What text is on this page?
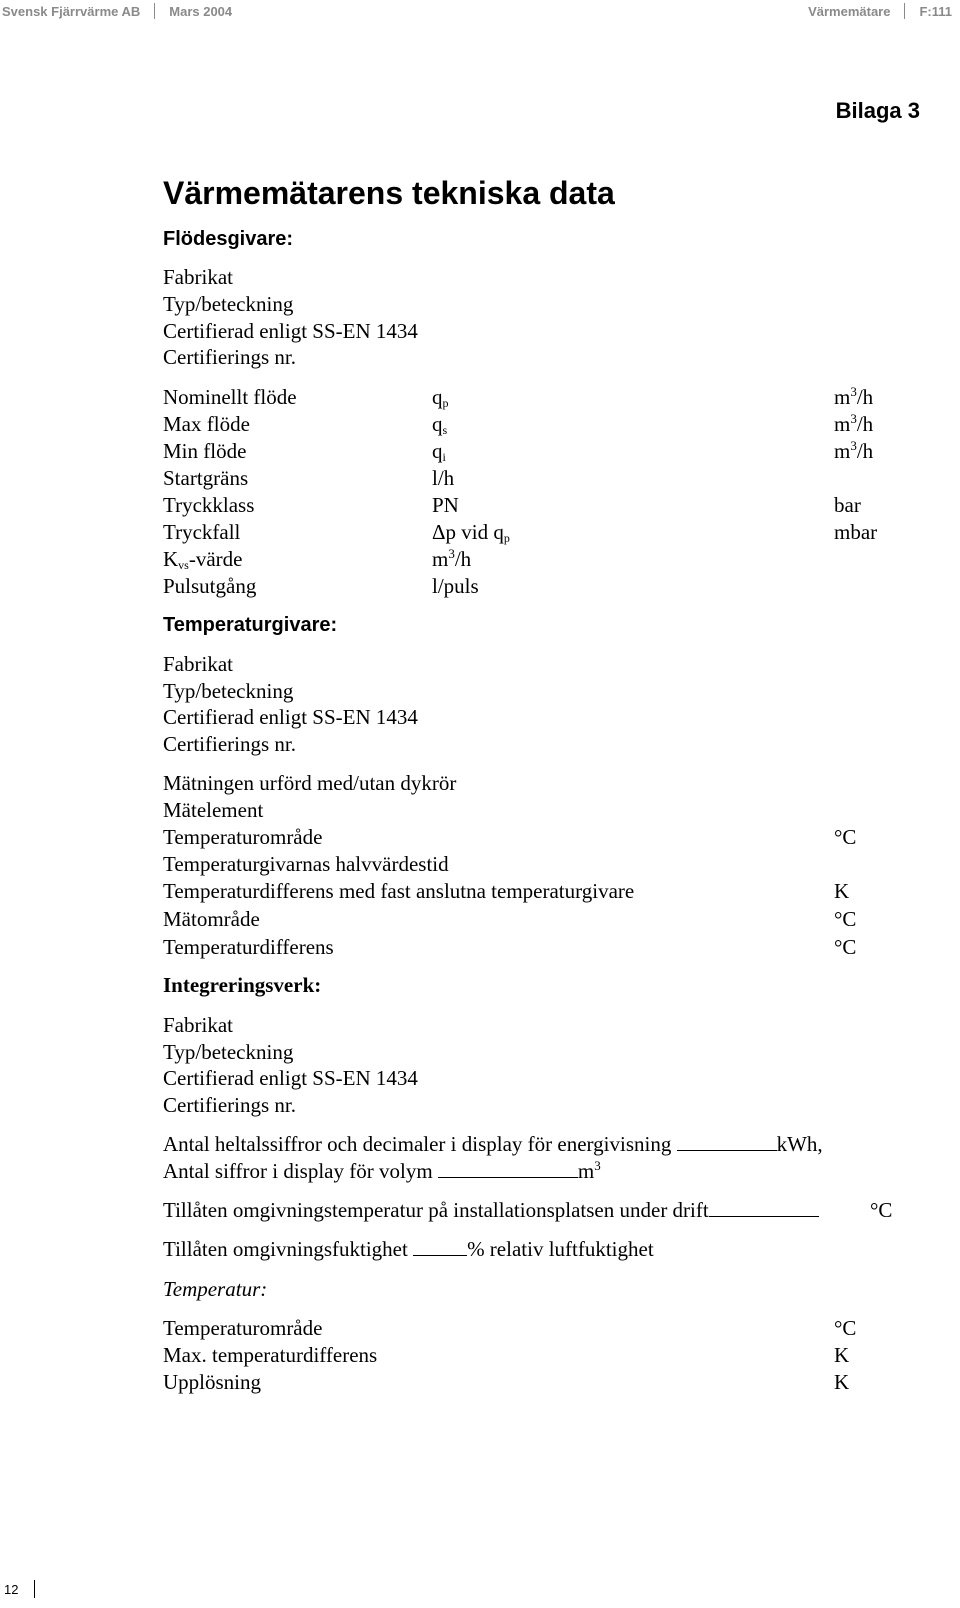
Svensk Fjärrvärme AB Mars 2004	Värmemätare F:111
Bilaga 3
Värmemätarens tekniska data
Flödesgivare:
Fabrikat
Typ/beteckning
Certifierad enligt SS-EN 1434
Certifierings nr.
Nominellt flöde	$q_p$	$m^3/h$
Max flöde	$q_s$	$m^3/h$
Min flöde	$q_i$	$m^3/h$
Startgräns	l/h
Tryckklass	PN	bar
Tryckfall	Δp vid $q_p$	mbar
$K_{vs}$-värde	$m^3/h$
Pulsutgång	l/puls
Temperaturgivare:
Fabrikat
Typ/beteckning
Certifierad enligt SS-EN 1434
Certifierings nr.
Mätningen urförd med/utan dykrör
Mätelement
Temperaturområde	°C
Temperaturgivarnas halvvärdestid
Temperaturdifferens med fast anslutna temperaturgivare	K
Mätområde	°C
Temperaturdifferens	°C
Integreringsverk:
Fabrikat
Typ/beteckning
Certifierad enligt SS-EN 1434
Certifierings nr.
Antal heltalssiffror och decimaler i display för energivisning	kWh,
Antal siffror i display för volym	$m^3$
Tillåten omgivningstemperatur på installationsplatsen under drift	°C
Tillåten omgivningsfuktighet	% relativ luftfuktighet
Temperatur:
Temperaturområde	°C
Max. temperaturdifferens	K
Upplösning	K
12
